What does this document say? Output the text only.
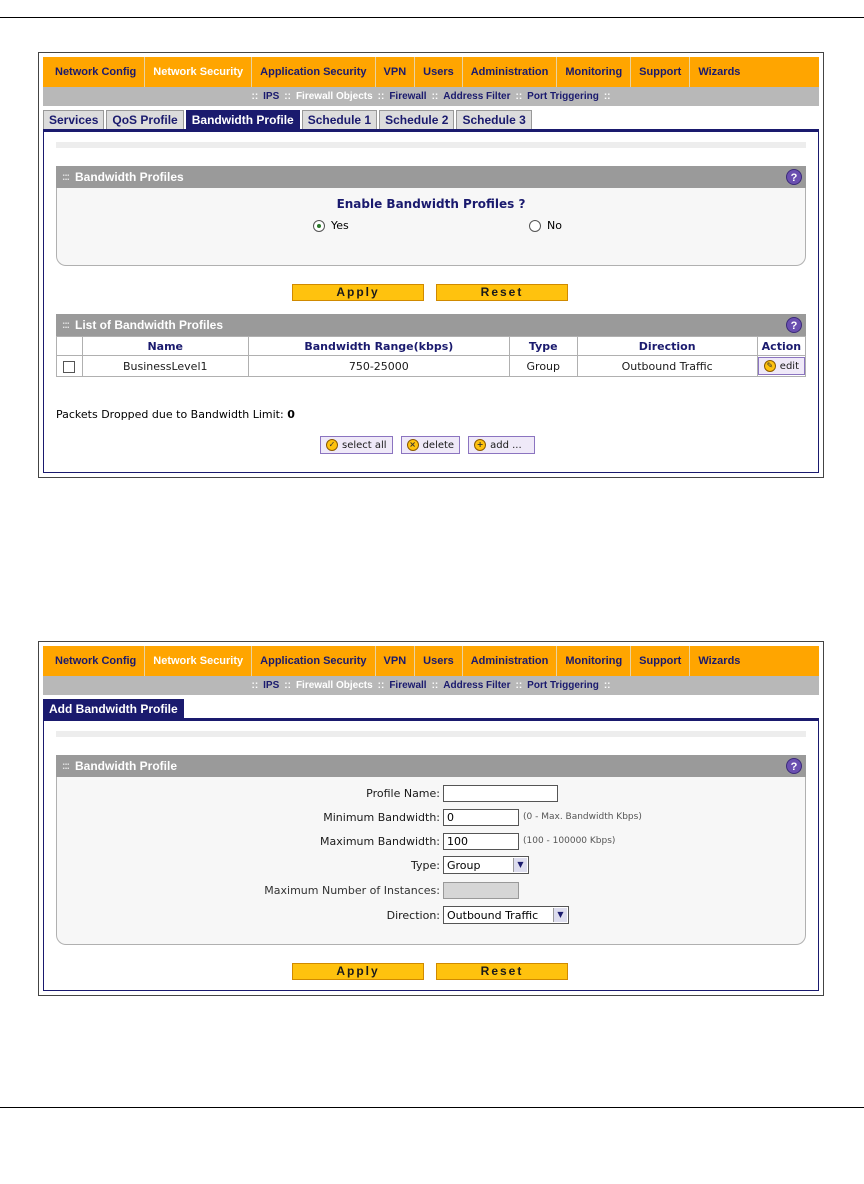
Network Config	Network Security	Application Security	VPN	Users	Administration	Monitoring	Support	Wizards
:: IPS :: Firewall Objects :: Firewall :: Address Filter :: Port Triggering ::
Services	QoS Profile	Bandwidth Profile	Schedule 1	Schedule 2	Schedule 3
::: Bandwidth Profiles	?
Enable Bandwidth Profiles ?
Yes	No
Apply	Reset
::: List of Bandwidth Profiles	?
	Name	Bandwidth Range(kbps)	Type	Direction	Action
	BusinessLevel1	750-25000	Group	Outbound Traffic	✎ edit
Packets Dropped due to Bandwidth Limit: 0
✓ select all	× delete	+ add ...
Network Config	Network Security	Application Security	VPN	Users	Administration	Monitoring	Support	Wizards
:: IPS :: Firewall Objects :: Firewall :: Address Filter :: Port Triggering ::
Add Bandwidth Profile
::: Bandwidth Profile	?
Profile Name:
Minimum Bandwidth:
0	(0 - Max. Bandwidth Kbps)
Maximum Bandwidth:
100	(100 - 100000 Kbps)
Type: Group	▼
Maximum Number of Instances:
Direction: Outbound Traffic	▼
Apply	Reset
